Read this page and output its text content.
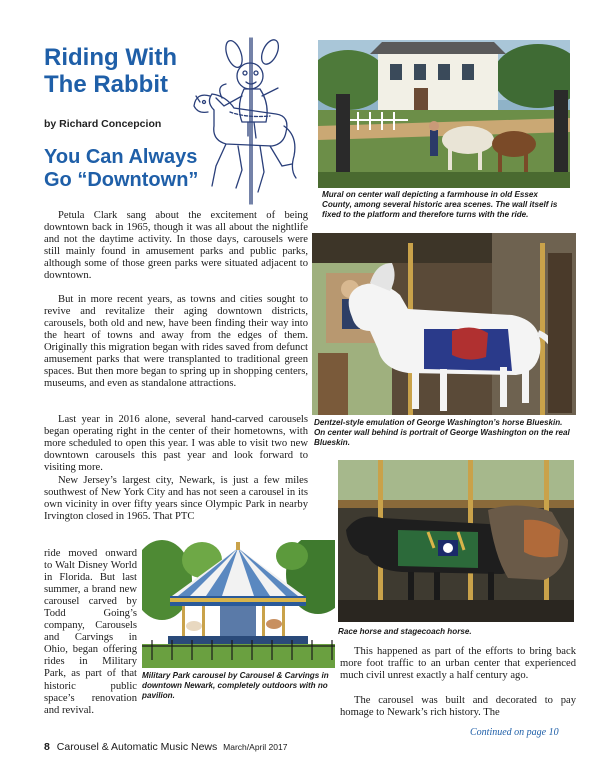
Riding With
The Rabbit
by Richard Concepcion
You Can Always
Go “Downtown”
Petula Clark sang about the excitement of being downtown back in 1965, though it was all about the nightlife and not the daytime activity. In those days, carousels were still mainly found in amusement parks and public parks, although some of those green parks were situated adjacent to downtown.
But in more recent years, as towns and cities sought to revive and revitalize their aging downtown districts, carousels, both old and new, have been finding their way into the heart of towns and away from the edges of them. Originally this migration began with rides saved from defunct amusement parks that were transplanted to traditional green spaces. But then more began to spring up in shopping centers, museums, and even as standalone attractions.
Last year in 2016 alone, several hand-carved carousels began operating right in the center of their hometowns, with more scheduled to open this year. I was able to visit two new downtown carousels this past year and look forward to visiting more.
New Jersey’s largest city, Newark, is just a few miles southwest of New York City and has not seen a carousel in its own vicinity in over fifty years since Olympic Park in nearby Irvington closed in 1965. That PTC
ride moved onward to Walt Disney World in Florida. But last summer, a brand new carousel carved by Todd Going’s company, Carousels and Carvings in Ohio, began offering rides in Military Park, as part of that historic public space’s renovation and revival.
Mural on center wall depicting a farmhouse in old Essex County, among several historic area scenes. The wall itself is fixed to the platform and therefore turns with the ride.
Dentzel-style emulation of George Washington’s horse Blueskin. On center wall behind is portrait of George Washington on the real Blueskin.
Race horse and stagecoach horse.
Military Park carousel by Carousel & Carvings in downtown Newark, completely outdoors with no pavilion.
This happened as part of the efforts to bring back more foot traffic to an urban center that experienced much civil unrest exactly a half century ago.
The carousel was built and decorated to pay homage to Newark’s rich history. The
Continued on page 10
8 Carousel & Automatic Music News March/April 2017
